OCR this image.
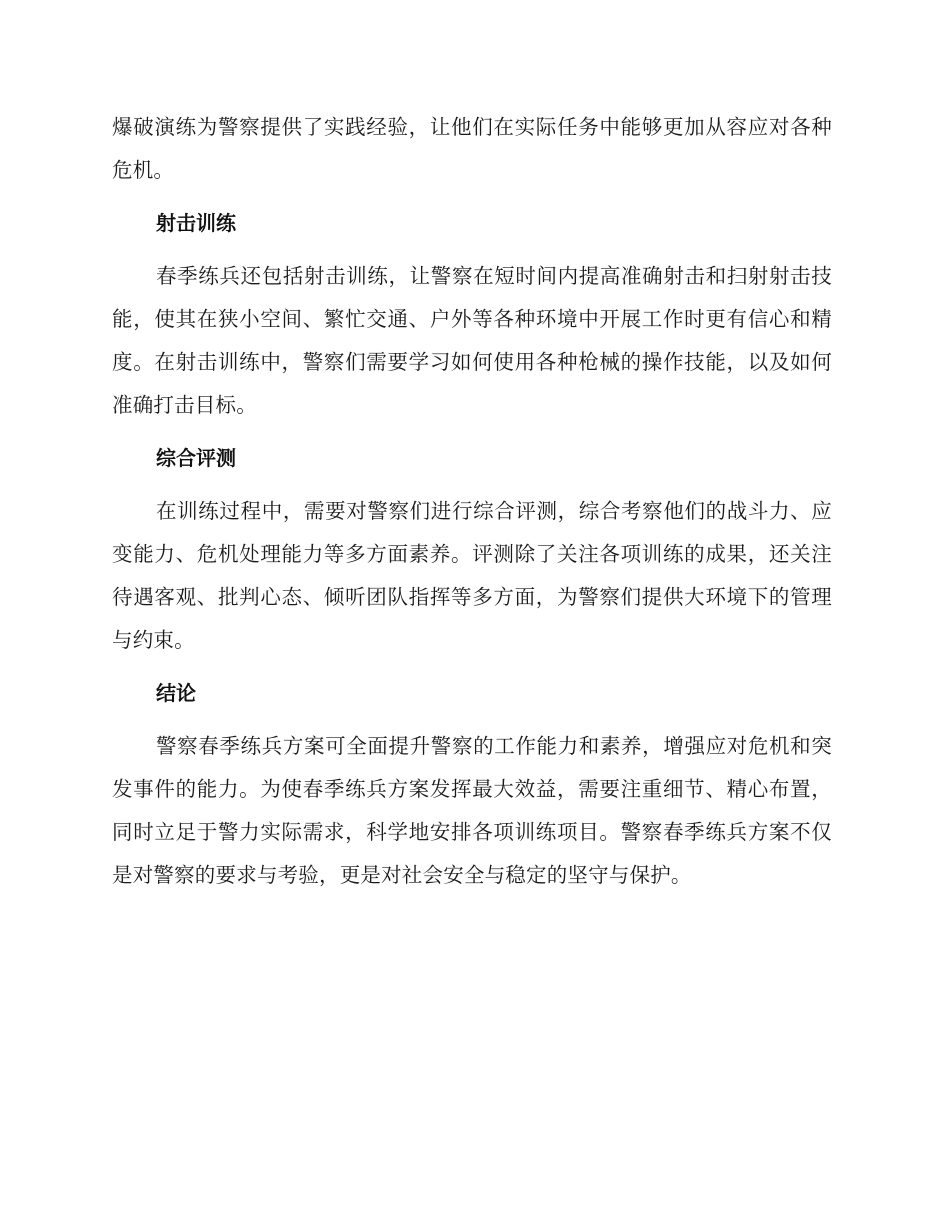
爆破演练为警察提供了实践经验，让他们在实际任务中能够更加从容应对各种危机。

射击训练

春季练兵还包括射击训练，让警察在短时间内提高准确射击和扫射射击技能，使其在狭小空间、繁忙交通、户外等各种环境中开展工作时更有信心和精度。在射击训练中，警察们需要学习如何使用各种枪械的操作技能，以及如何准确打击目标。

综合评测

在训练过程中，需要对警察们进行综合评测，综合考察他们的战斗力、应变能力、危机处理能力等多方面素养。评测除了关注各项训练的成果，还关注待遇客观、批判心态、倾听团队指挥等多方面，为警察们提供大环境下的管理与约束。

结论

警察春季练兵方案可全面提升警察的工作能力和素养，增强应对危机和突发事件的能力。为使春季练兵方案发挥最大效益，需要注重细节、精心布置，同时立足于警力实际需求，科学地安排各项训练项目。警察春季练兵方案不仅是对警察的要求与考验，更是对社会安全与稳定的坚守与保护。
